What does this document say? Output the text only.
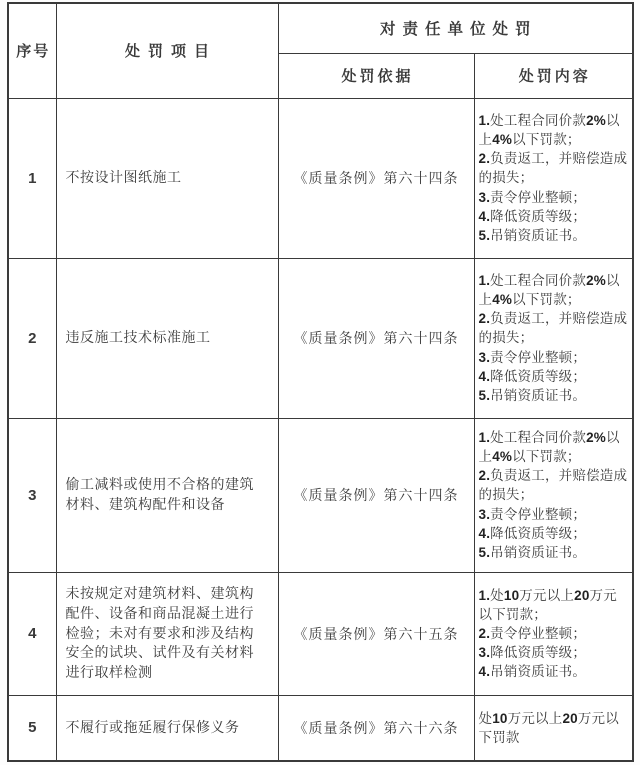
序号	处罚项目	对责任单位处罚	
		处罚依据	处罚内容
1	不按设计图纸施工	《质量条例》第六十四条	1.处工程合同价款2%以上4%以下罚款；
2.负责返工，并赔偿造成的损失；
3.责令停业整顿；
4.降低资质等级；
5.吊销资质证书。

2	违反施工技术标准施工	《质量条例》第六十四条	1.处工程合同价款2%以上4%以下罚款；
2.负责返工，并赔偿造成的损失；
3.责令停业整顿；
4.降低资质等级；
5.吊销资质证书。

3	偷工减料或使用不合格的建筑材料、建筑构配件和设备	《质量条例》第六十四条	1.处工程合同价款2%以上4%以下罚款；
2.负责返工，并赔偿造成的损失；
3.责令停业整顿；
4.降低资质等级；
5.吊销资质证书。

4	未按规定对建筑材料、建筑构配件、设备和商品混凝土进行检验；未对有要求和涉及结构安全的试块、试件及有关材料进行取样检测	《质量条例》第六十五条	1.处10万元以上20万元以下罚款；
2.责令停业整顿；
3.降低资质等级；
4.吊销资质证书。

5	不履行或拖延履行保修义务	《质量条例》第六十六条	处10万元以上20万元以下罚款
